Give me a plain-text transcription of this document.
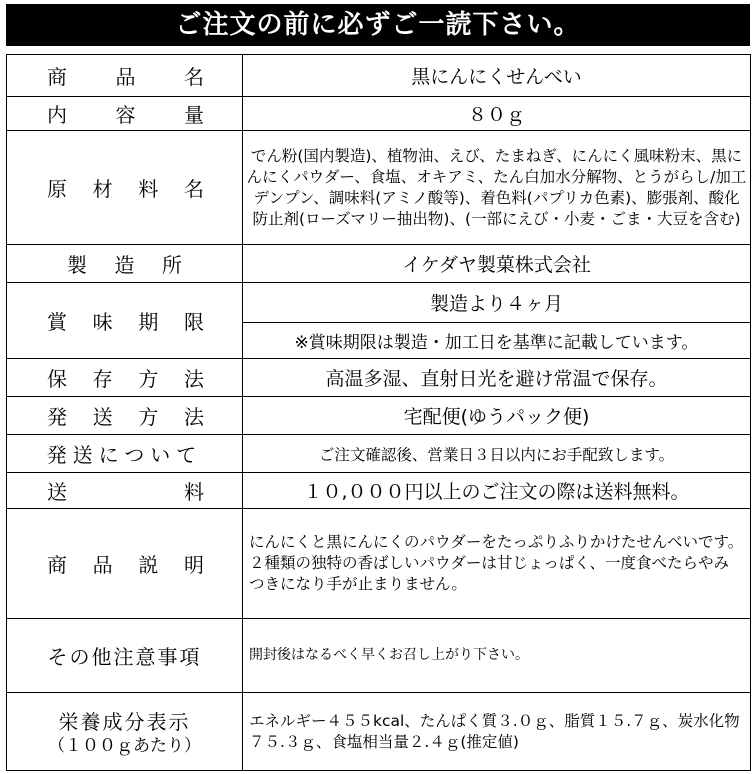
ご注文の前に必ずご一読下さい。
商 品 名	黒にんにくせんべい

内 容 量	８０ｇ

原 材 料 名	でん粉(国内製造)、植物油、えび、たまねぎ、にんにく風味粉末、黒にんにくパウダー、食塩、オキアミ、たん白加水分解物、とうがらし/加工デンプン、調味料(アミノ酸等)、着色料(パプリカ色素)、膨張剤、酸化防止剤(ローズマリー抽出物)、(一部にえび・小麦・ごま・大豆を含む)

製 造 所	イケダヤ製菓株式会社

賞 味 期 限	製造より４ヶ月
	※賞味期限は製造・加工日を基準に記載しています。

保 存 方 法	高温多湿、直射日光を避け常温で保存。

発 送 方 法	宅配便(ゆうパック便)
発送について	ご注文確認後、営業日３日以内にお手配致します。

送 料	１０,０００円以上のご注文の際は送料無料。

商 品 説 明	にんにくと黒にんにくのパウダーをたっぷりふりかけたせんべいです。２種類の独特の香ばしいパウダーは甘じょっぱく、一度食べたらやみつきになり手が止まりません。
その他注意事項	開封後はなるべく早くお召し上がり下さい。

栄養成分表示
（１００ｇあたり）	エネルギー４５５kcal、たんぱく質３.０ｇ、脂質１５.７ｇ、炭水化物７５.３ｇ、食塩相当量２.４ｇ(推定値)
